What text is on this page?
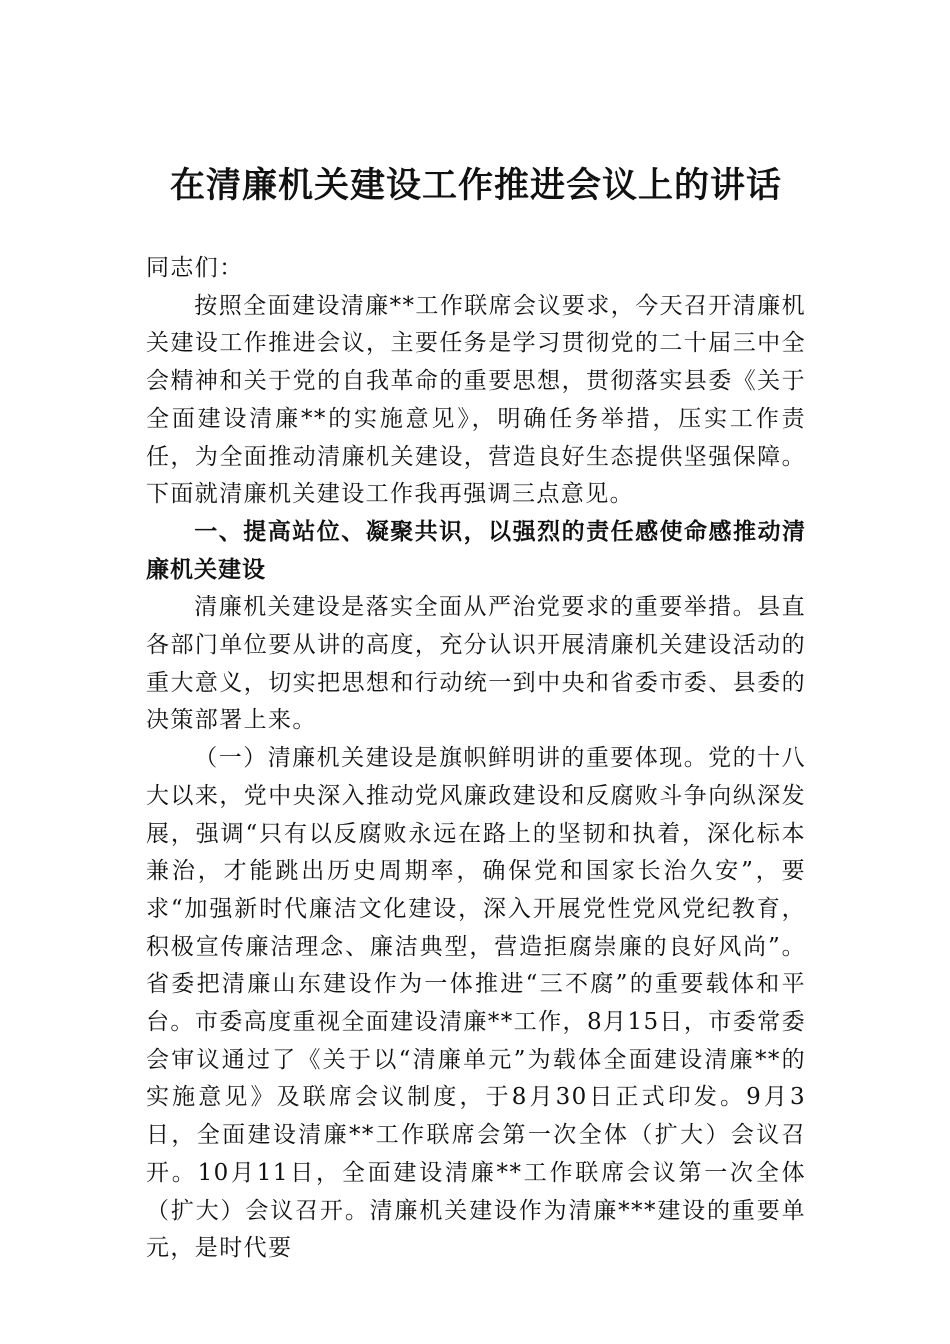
在清廉机关建设工作推进会议上的讲话

同志们：

按照全面建设清廉**工作联席会议要求，今天召开清廉机关建设工作推进会议，主要任务是学习贯彻党的二十届三中全会精神和关于党的自我革命的重要思想，贯彻落实县委《关于全面建设清廉**的实施意见》，明确任务举措，压实工作责任，为全面推动清廉机关建设，营造良好生态提供坚强保障。下面就清廉机关建设工作我再强调三点意见。

一、提高站位、凝聚共识，以强烈的责任感使命感推动清廉机关建设

清廉机关建设是落实全面从严治党要求的重要举措。县直各部门单位要从讲的高度，充分认识开展清廉机关建设活动的重大意义，切实把思想和行动统一到中央和省委市委、县委的决策部署上来。

（一）清廉机关建设是旗帜鲜明讲的重要体现。党的十八大以来，党中央深入推动党风廉政建设和反腐败斗争向纵深发展，强调“只有以反腐败永远在路上的坚韧和执着，深化标本兼治，才能跳出历史周期率，确保党和国家长治久安”，要求“加强新时代廉洁文化建设，深入开展党性党风党纪教育，积极宣传廉洁理念、廉洁典型，营造拒腐崇廉的良好风尚”。省委把清廉山东建设作为一体推进“三不腐”的重要载体和平台。市委高度重视全面建设清廉**工作，8月15日，市委常委会审议通过了《关于以“清廉单元”为载体全面建设清廉**的实施意见》及联席会议制度，于8月30日正式印发。9月3日，全面建设清廉**工作联席会第一次全体（扩大）会议召开。10月11日，全面建设清廉**工作联席会议第一次全体（扩大）会议召开。清廉机关建设作为清廉***建设的重要单元，是时代要
